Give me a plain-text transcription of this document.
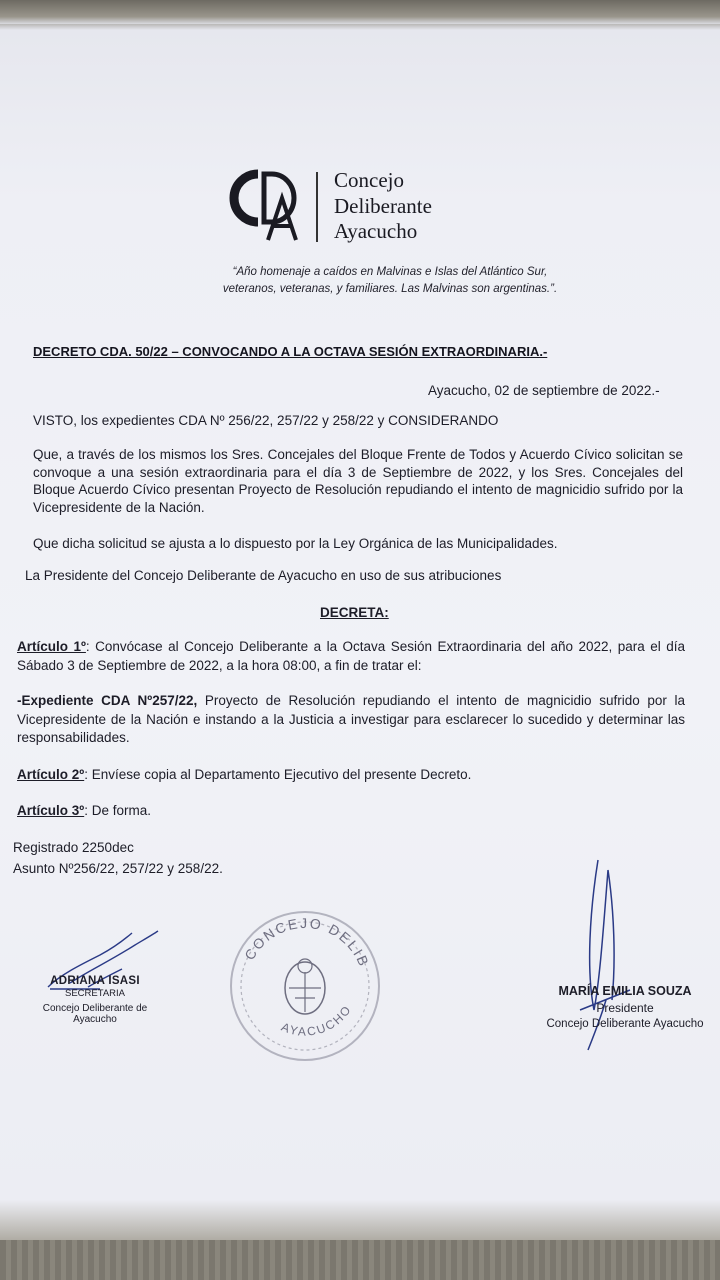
Concejo
Deliberante
Ayacucho
“Año homenaje a caídos en Malvinas e Islas del Atlántico Sur,
veteranos, veteranas, y familiares. Las Malvinas son argentinas.”.
DECRETO CDA. 50/22 – CONVOCANDO A LA OCTAVA SESIÓN EXTRAORDINARIA.-
Ayacucho, 02 de septiembre de 2022.-
VISTO, los expedientes CDA Nº 256/22, 257/22 y 258/22 y CONSIDERANDO
Que, a través de los mismos los Sres. Concejales del Bloque Frente de Todos y Acuerdo Cívico solicitan se convoque a una sesión extraordinaria para el día 3 de Septiembre de 2022, y los Sres. Concejales del Bloque Acuerdo Cívico presentan Proyecto de Resolución repudiando el intento de magnicidio sufrido por la Vicepresidente de la Nación.
Que dicha solicitud se ajusta a lo dispuesto por la Ley Orgánica de las Municipalidades.
La Presidente del Concejo Deliberante de Ayacucho en uso de sus atribuciones
DECRETA:
Artículo 1º: Convócase al Concejo Deliberante a la Octava Sesión Extraordinaria del año 2022, para el día Sábado 3 de Septiembre de 2022, a la hora 08:00, a fin de tratar el:
-Expediente CDA Nº257/22, Proyecto de Resolución repudiando el intento de magnicidio sufrido por la Vicepresidente de la Nación e instando a la Justicia a investigar para esclarecer lo sucedido y determinar las responsabilidades.
Artículo 2º: Envíese copia al Departamento Ejecutivo del presente Decreto.
Artículo 3º: De forma.
Registrado 2250dec
Asunto Nº256/22, 257/22 y 258/22.
ADRIANA ISASI
SECRETARIA
Concejo Deliberante de Ayacucho
CONCEJO DELIB
AYACUCHO
MARÍA EMILIA SOUZA
Presidente
Concejo Deliberante Ayacucho
